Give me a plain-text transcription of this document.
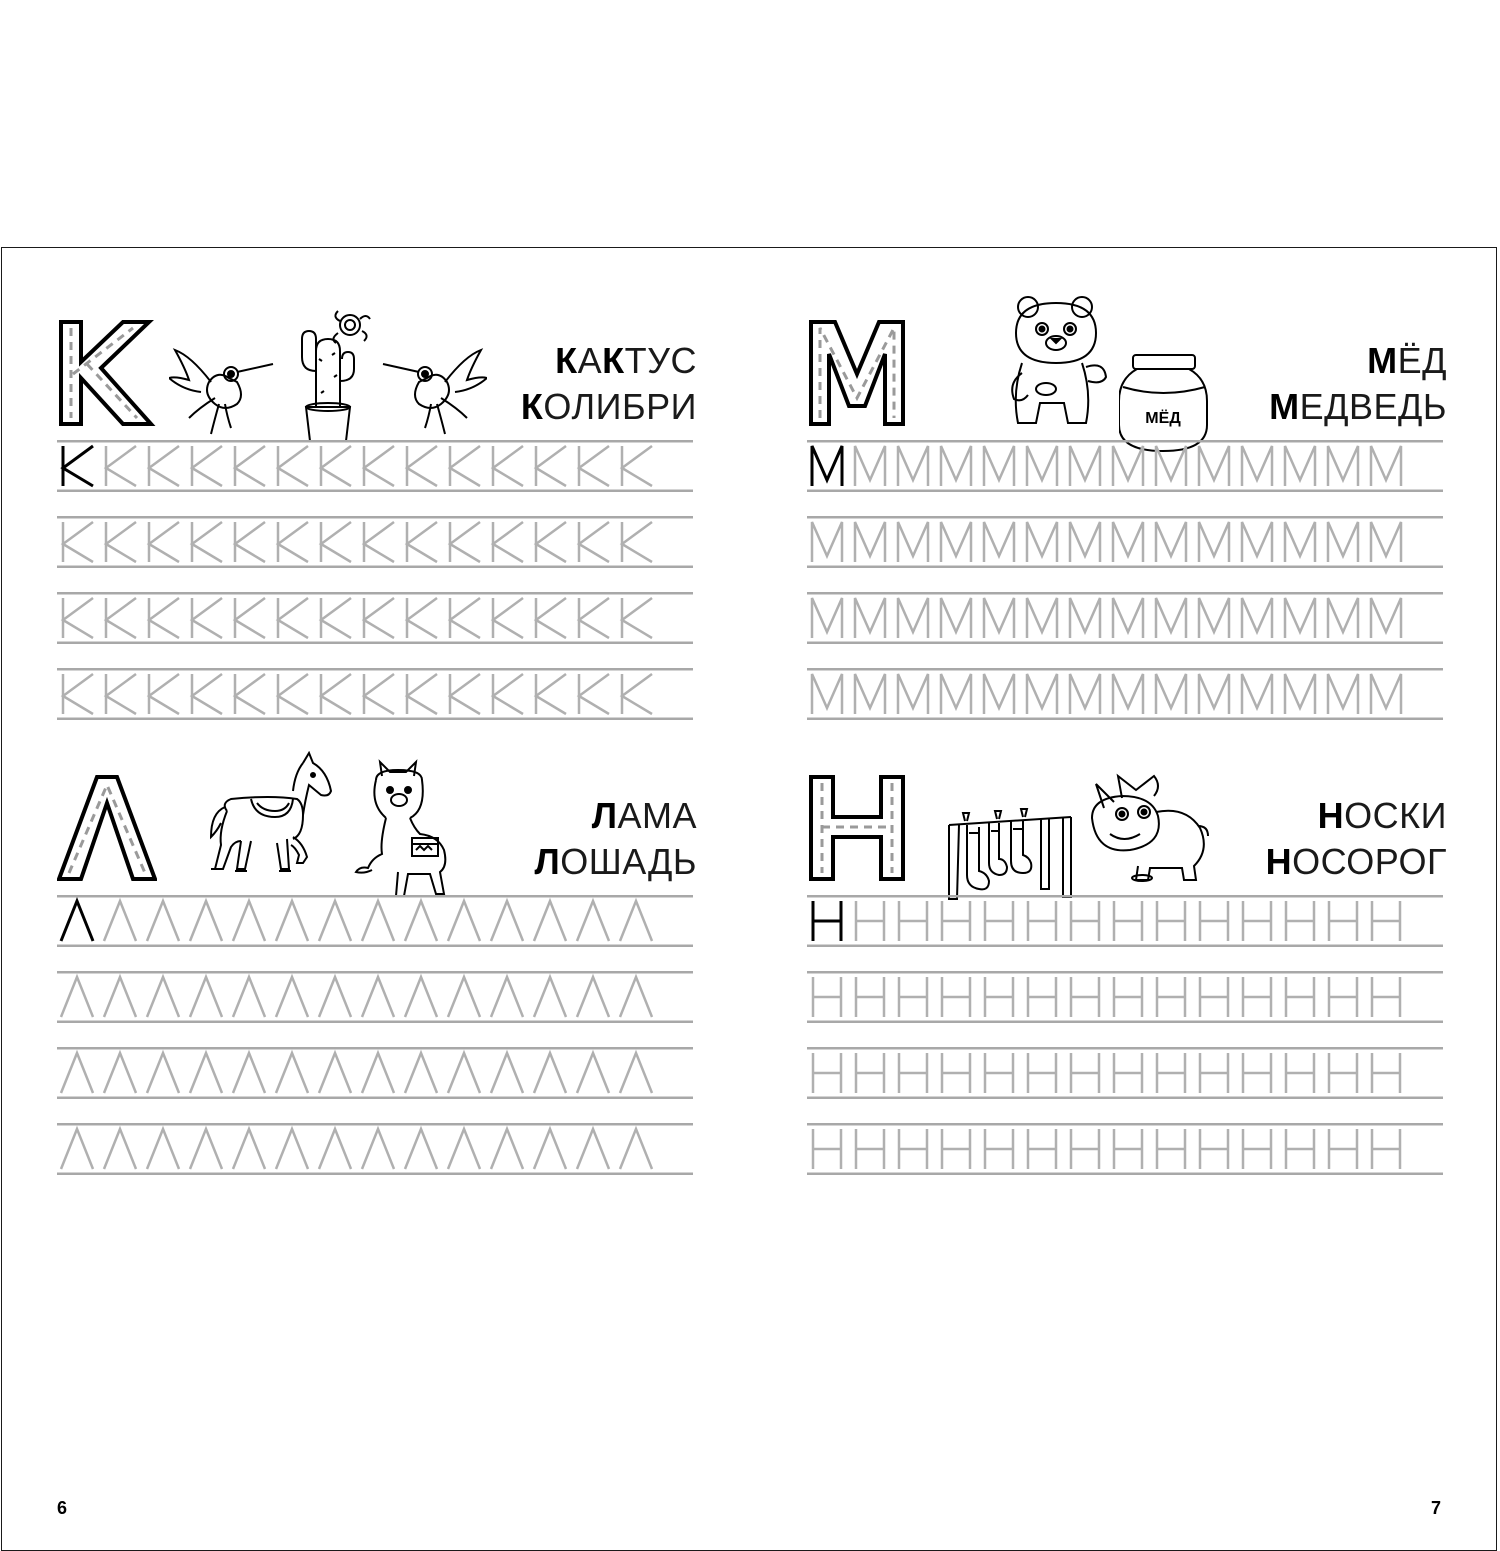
КАКТУС
КОЛИБРИ	МЁД
МЁД
МЕДВЕДЬ
ЛАМА
ЛОШАДЬ
НОСКИ
НОСОРОГ
6	7
